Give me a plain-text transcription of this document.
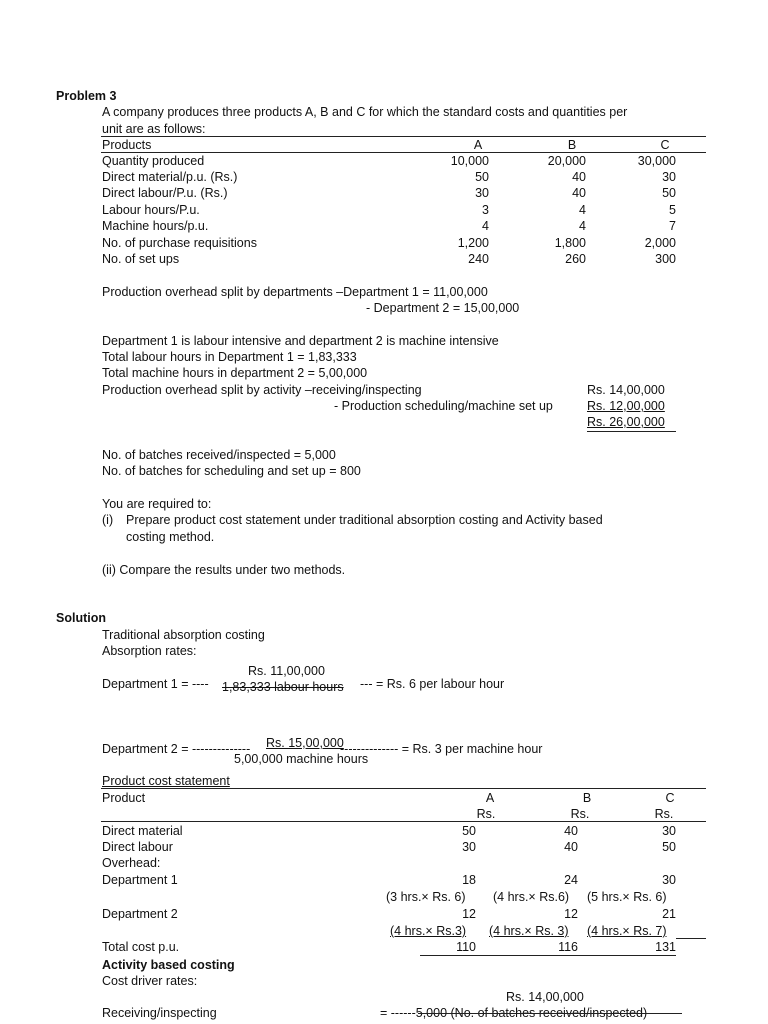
Problem 3
A company produces three products A, B and C for which the standard costs and quantities per
unit are as follows:
Products	A	B	C
Quantity produced	10,000	20,000	30,000
Direct material/p.u. (Rs.)	50	40	30
Direct labour/P.u. (Rs.)	30	40	50
Labour hours/P.u.	3	4	5
Machine hours/p.u.	4	4	7
No. of purchase requisitions	1,200	1,800	2,000
No. of set ups	240	260	300
Production overhead split by departments –Department 1 = 11,00,000
- Department 2 = 15,00,000
Department 1 is labour intensive and department 2 is machine intensive
Total labour hours in Department 1 = 1,83,333
Total machine hours in department 2 = 5,00,000
Production overhead split by activity –receiving/inspecting	Rs. 14,00,000
- Production scheduling/machine set up	Rs. 12,00,000
Rs. 26,00,000
No. of batches received/inspected = 5,000
No. of batches for scheduling and set up = 800
You are required to:
(i) Prepare product cost statement under traditional absorption costing and Activity based
costing method.
(ii) Compare the results under two methods.
Solution
Traditional absorption costing
Absorption rates:
Rs. 11,00,000
Department 1 = ---- 1,83,333 labour hours --- = Rs. 6 per labour hour
Rs. 15,00,000
Department 2 = --------------
5,00,000 machine hours
-------------- = Rs. 3 per machine hour
Product cost statement
Product	A	B	C
Rs.	Rs.	Rs.
Direct material	50	40	30
Direct labour	30	40	50
Overhead:
Department 1	18	24	30
(3 hrs.× Rs. 6) (4 hrs.× Rs.6) (5 hrs.× Rs. 6)
Department 2	12	12	21
(4 hrs.× Rs.3) (4 hrs.× Rs. 3) (4 hrs.× Rs. 7)
Total cost p.u.	110	116	131
Activity based costing
Cost driver rates:
Rs. 14,00,000
Receiving/inspecting	= ------5,000 (No. of batches received/inspected)---
